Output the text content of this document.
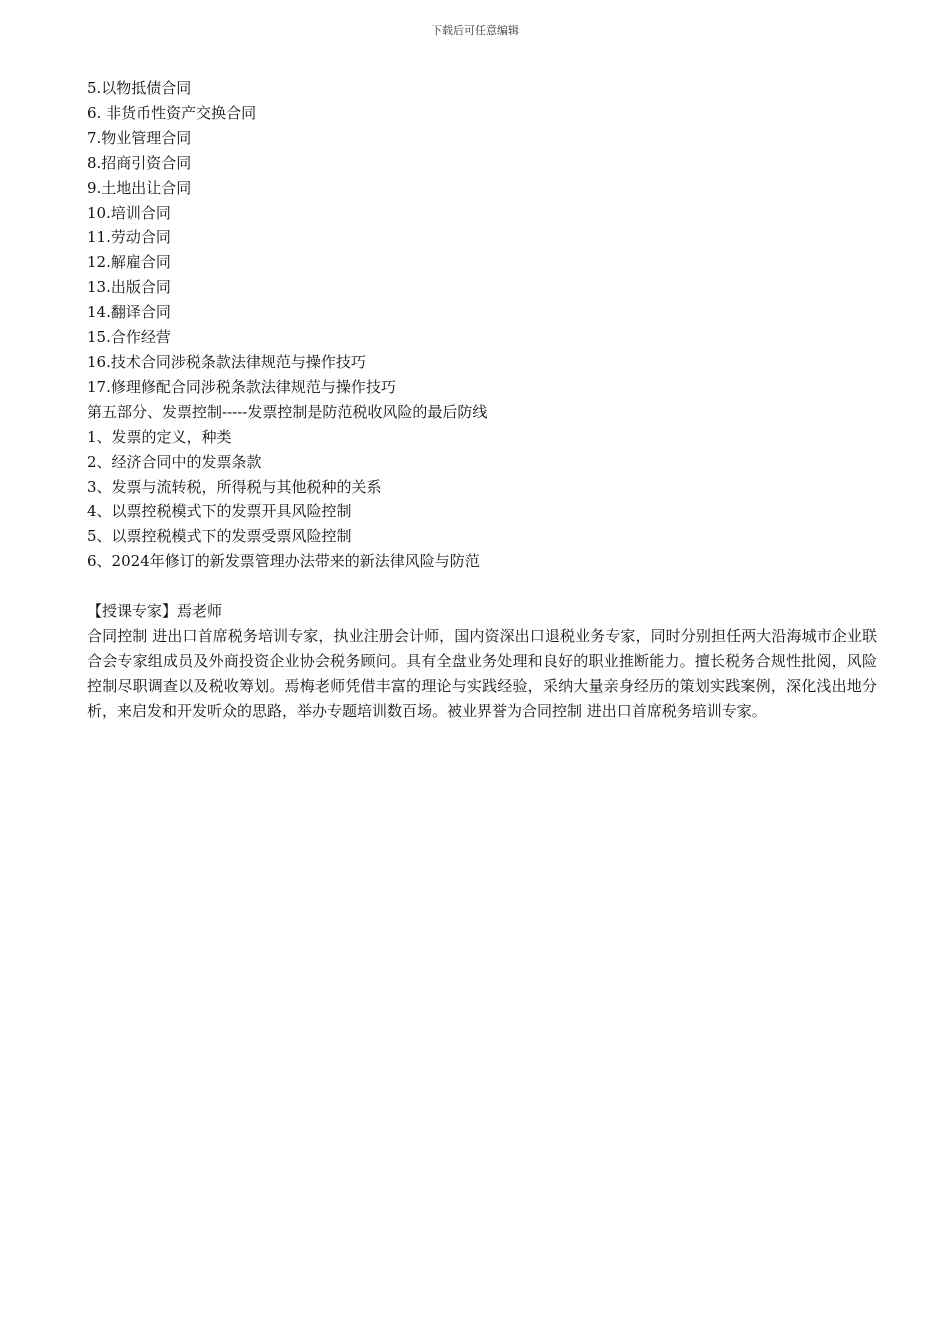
下载后可任意编辑
5.以物抵债合同
6. 非货币性资产交换合同
7.物业管理合同
8.招商引资合同
9.土地出让合同
10.培训合同
11.劳动合同
12.解雇合同
13.出版合同
14.翻译合同
15.合作经营
16.技术合同涉税条款法律规范与操作技巧
17.修理修配合同涉税条款法律规范与操作技巧
第五部分、发票控制-----发票控制是防范税收风险的最后防线
1、发票的定义，种类
2、经济合同中的发票条款
3、发票与流转税，所得税与其他税种的关系
4、以票控税模式下的发票开具风险控制
5、以票控税模式下的发票受票风险控制
6、2024年修订的新发票管理办法带来的新法律风险与防范
【授课专家】焉老师

合同控制 进出口首席税务培训专家，执业注册会计师，国内资深出口退税业务专家，同时分别担任两大沿海城市企业联合会专家组成员及外商投资企业协会税务顾问。具有全盘业务处理和良好的职业推断能力。擅长税务合规性批阅，风险控制尽职调查以及税收筹划。焉梅老师凭借丰富的理论与实践经验，采纳大量亲身经历的策划实践案例，深化浅出地分析，来启发和开发听众的思路，举办专题培训数百场。被业界誉为合同控制 进出口首席税务培训专家。
